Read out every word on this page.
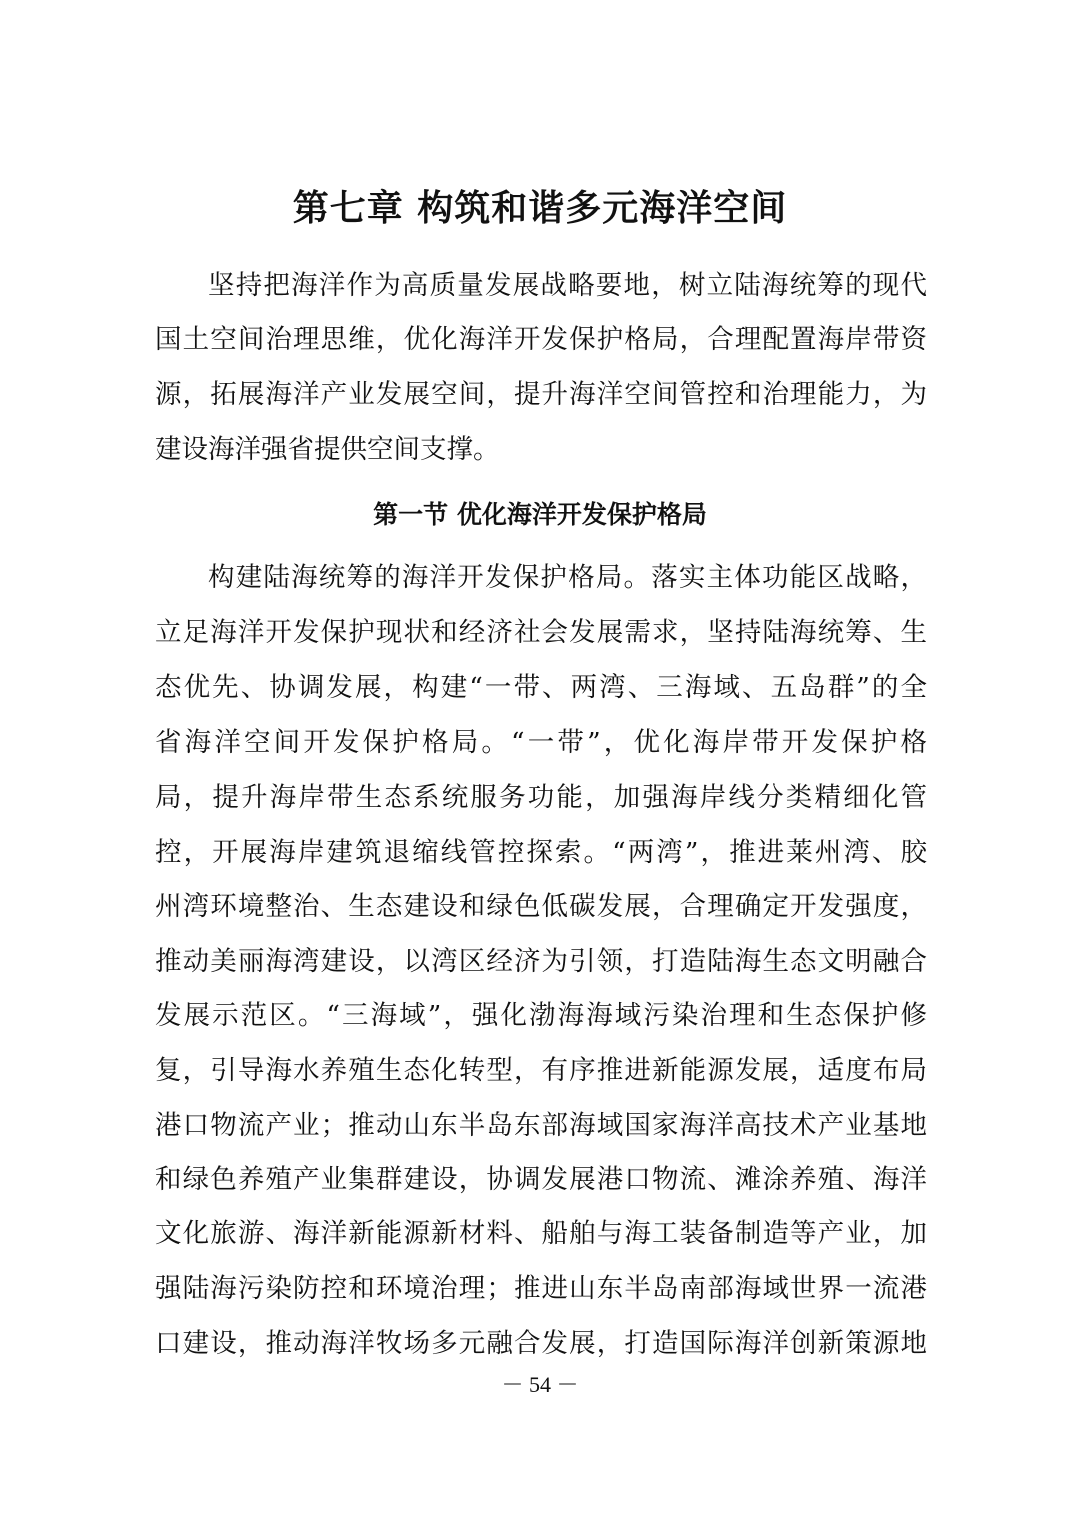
第七章 构筑和谐多元海洋空间

坚持把海洋作为高质量发展战略要地，树立陆海统筹的现代

国土空间治理思维，优化海洋开发保护格局，合理配置海岸带资

源，拓展海洋产业发展空间，提升海洋空间管控和治理能力，为

建设海洋强省提供空间支撑。

第一节 优化海洋开发保护格局

构建陆海统筹的海洋开发保护格局。落实主体功能区战略，

立足海洋开发保护现状和经济社会发展需求，坚持陆海统筹、生

态优先、协调发展，构建“一带、两湾、三海域、五岛群”的全

省海洋空间开发保护格局。“一带”，优化海岸带开发保护格

局，提升海岸带生态系统服务功能，加强海岸线分类精细化管

控，开展海岸建筑退缩线管控探索。“两湾”，推进莱州湾、胶

州湾环境整治、生态建设和绿色低碳发展，合理确定开发强度，

推动美丽海湾建设，以湾区经济为引领，打造陆海生态文明融合

发展示范区。“三海域”，强化渤海海域污染治理和生态保护修

复，引导海水养殖生态化转型，有序推进新能源发展，适度布局

港口物流产业；推动山东半岛东部海域国家海洋高技术产业基地

和绿色养殖产业集群建设，协调发展港口物流、滩涂养殖、海洋

文化旅游、海洋新能源新材料、船舶与海工装备制造等产业，加

强陆海污染防控和环境治理；推进山东半岛南部海域世界一流港

口建设，推动海洋牧场多元融合发展，打造国际海洋创新策源地

－ 54 －
